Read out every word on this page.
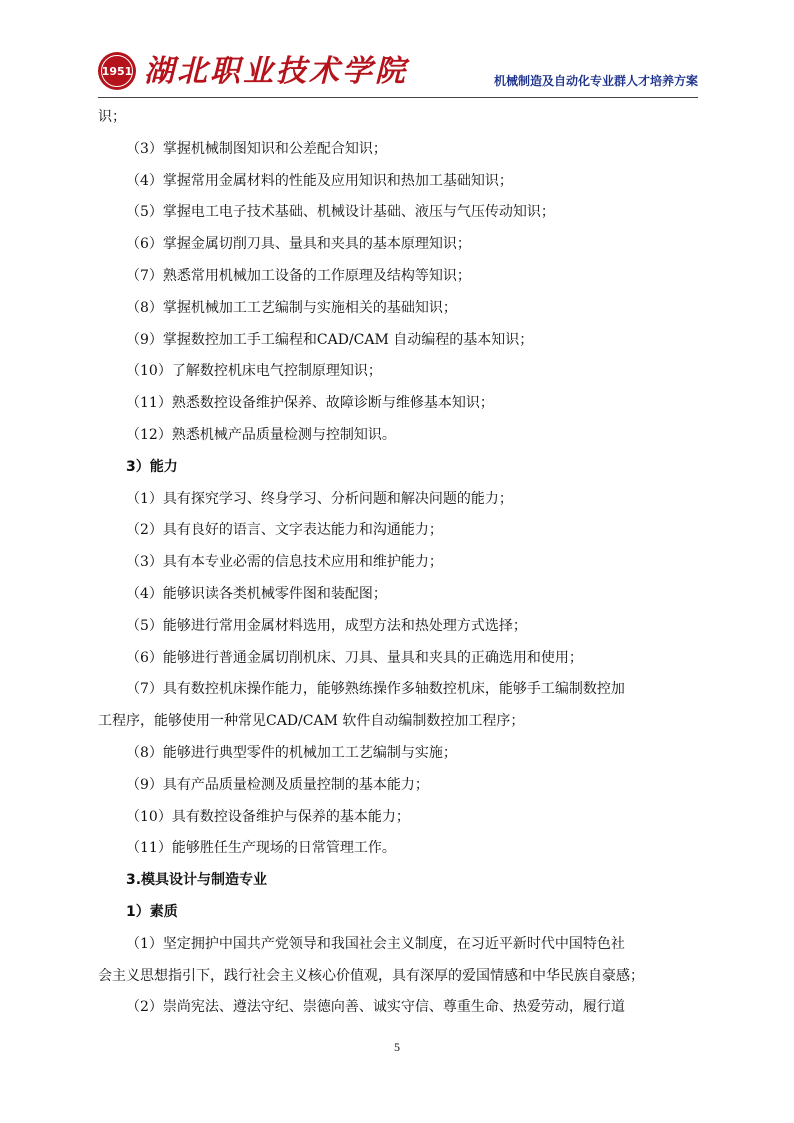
1951 湖北职业技术学院	机械制造及自动化专业群人才培养方案

识；

（3）掌握机械制图知识和公差配合知识；

（4）掌握常用金属材料的性能及应用知识和热加工基础知识；

（5）掌握电工电子技术基础、机械设计基础、液压与气压传动知识；

（6）掌握金属切削刀具、量具和夹具的基本原理知识；

（7）熟悉常用机械加工设备的工作原理及结构等知识；

（8）掌握机械加工工艺编制与实施相关的基础知识；

（9）掌握数控加工手工编程和CAD/CAM 自动编程的基本知识；

（10）了解数控机床电气控制原理知识；

（11）熟悉数控设备维护保养、故障诊断与维修基本知识；

（12）熟悉机械产品质量检测与控制知识。

3）能力

（1）具有探究学习、终身学习、分析问题和解决问题的能力；

（2）具有良好的语言、文字表达能力和沟通能力；

（3）具有本专业必需的信息技术应用和维护能力；

（4）能够识读各类机械零件图和装配图；

（5）能够进行常用金属材料选用，成型方法和热处理方式选择；

（6）能够进行普通金属切削机床、刀具、量具和夹具的正确选用和使用；

（7）具有数控机床操作能力，能够熟练操作多轴数控机床，能够手工编制数控加

工程序，能够使用一种常见CAD/CAM 软件自动编制数控加工程序；

（8）能够进行典型零件的机械加工工艺编制与实施；

（9）具有产品质量检测及质量控制的基本能力；

（10）具有数控设备维护与保养的基本能力；

（11）能够胜任生产现场的日常管理工作。

3.模具设计与制造专业

1）素质

（1）坚定拥护中国共产党领导和我国社会主义制度，在习近平新时代中国特色社

会主义思想指引下，践行社会主义核心价值观，具有深厚的爱国情感和中华民族自豪感；

（2）崇尚宪法、遵法守纪、崇德向善、诚实守信、尊重生命、热爱劳动，履行道

5
